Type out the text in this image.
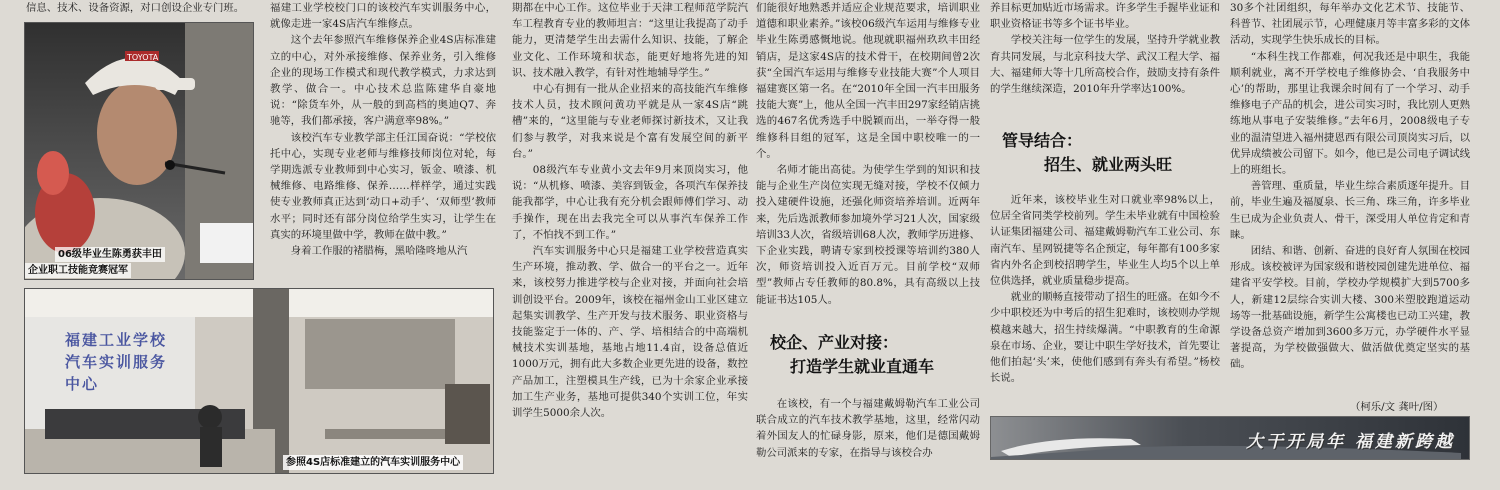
信息、技术、设备资源，对口创设企业专门班。

TOYOTA
06级毕业生陈勇获丰田
企业职工技能竞赛冠军
福建工业学校 汽车实训服务中心
参照4S店标准建立的汽车实训服务中心

福建工业学校校门口的该校汽车实训服务中心，就像走进一家4S店汽车维修点。

这个去年参照汽车维修保养企业4S店标准建立的中心，对外承接维修、保养业务，引入维修企业的现场工作模式和现代教学模式，力求达到教学、做合一。中心技术总监陈建华自豪地说：“除货车外，从一般的到高档的奥迪Q7、奔驰等，我们都承接，客户满意率98%。”

该校汽车专业教学部主任江国奋说：“学校依托中心，实现专业老师与维修技师岗位对轮，每学期选派专业教师到中心实习，钣金、喷漆、机械维修、电路维修、保养……样样学，通过实践使专业教师真正达到‘动口+动手’、‘双师型’教师水平；同时还有部分岗位给学生实习，让学生在真实的环境里做中学，教师在做中教。”

身着工作服的褚腊梅，黑哈隆咚地从汽

期都在中心工作。这位毕业于天津工程师范学院汽车工程教育专业的教师坦言：“这里让我提高了动手能力，更清楚学生出去需什么知识、技能，了解企业文化、工作环境和状态，能更好地将先进的知识、技术融入教学，有针对性地辅导学生。”

中心有拥有一批从企业招来的高技能汽车维修技术人员，技术顾问黄功平就是从一家4S店“跳槽”来的，“这里能与专业老师探讨新技术，又让我们参与教学，对我来说是个富有发展空间的新平台。”

08级汽车专业黄小文去年9月来顶岗实习，他说：“从机修、喷漆、美容到钣金，各项汽车保养技能我都学，中心让我有充分机会跟师傅们学习、动手操作，现在出去我完全可以从事汽车保养工作了，不怕找不到工作。”

汽车实训服务中心只是福建工业学校营造真实生产环境，推动教、学、做合一的平台之一。近年来，该校努力推进学校与企业对接，并面向社会培训创设平台。2009年，该校在福州金山工业区建立起集实训教学、生产开发与技术服务、职业资格与技能鉴定于一体的、产、学、培相结合的中高端机械技术实训基地，基地占地11.4亩，设备总值近1000万元，拥有此大多数企业更先进的设备，数控产品加工，注塑模具生产线，已为十余家企业承接加工生产业务，基地可提供340个实训工位，年实训学生5000余人次。

们能很好地熟悉并适应企业规范要求，培训职业道德和职业素养。”该校06级汽车运用与维修专业毕业生陈勇感慨地说。他现就职福州玖玖丰田经销店，是这家4S店的技术骨干，在校期间曾2次获“全国汽车运用与维修专业技能大赛”个人项目福建赛区第一名。在“2010年全国一汽丰田服务技能大赛”上，他从全国一汽丰田297家经销店挑选的467名优秀选手中脱颖而出，一举夺得一般维修科目组的冠军，这是全国中职校唯一的一个。

名师才能出高徒。为使学生学到的知识和技能与企业生产岗位实现无缝对接，学校不仅倾力投入建硬件设施，还强化师资培养培训。近两年来，先后选派教师参加境外学习21人次，国家级培训33人次，省级培训68人次，教师学历进修、下企业实践，聘请专家到校授课等培训约380人次，师资培训投入近百万元。目前学校“双师型”教师占专任教师的80.8%，具有高级以上技能证书达105人。

校企、产业对接：
打造学生就业直通车

在该校，有一个与福建戴姆勒汽车工业公司联合成立的汽车技术教学基地，这里，经常闪动着外国友人的忙碌身影，原来，他们是德国戴姆勒公司派来的专家，在指导与该校合办

养目标更加贴近市场需求。许多学生手握毕业证和职业资格证书等多个证书毕业。

学校关注每一位学生的发展，坚持升学就业教育共同发展，与北京科技大学、武汉工程大学、福大、福建师大等十几所高校合作，鼓励支持有条件的学生继续深造，2010年升学率达100%。

管导结合：
招生、就业两头旺

近年来，该校毕业生对口就业率98%以上，位居全省同类学校前列。学生未毕业就有中国检验认证集团福建公司、福建戴姆勒汽车工业公司、东南汽车、星网锐捷等名企预定，每年都有100多家省内外名企到校招聘学生，毕业生人均5个以上单位供选择，就业质量稳步提高。

就业的顺畅直接带动了招生的旺盛。在如今不少中职校还为中考后的招生犯难时，该校则办学规模越来越大，招生持续爆满。“中职教育的生命源泉在市场、企业，要让中职生学好技术，首先要让他们拍起‘头’来，使他们感到有奔头有希望。”杨校长说。

30多个社团组织，每年举办文化艺术节、技能节、科普节、社团展示节，心理健康月等丰富多彩的文体活动，实现学生快乐成长的目标。

“本科生找工作都难，何况我还是中职生，我能顺利就业，离不开学校电子维修协会、‘自我服务中心’的帮助，那里让我课余时间有了一个学习、动手维修电子产品的机会，进公司实习时，我比别人更熟练地从事电子安装维修。”去年6月，2008级电子专业的温清望进入福州捷恩西有限公司顶岗实习后，以优异成绩被公司留下。如今，他已是公司电子调试线上的班组长。

善管理、重质量，毕业生综合素质逐年提升。目前，毕业生遍及福厦泉、长三角、珠三角，许多毕业生已成为企业负责人、骨干，深受用人单位肯定和青睐。

团结、和谐、创新、奋进的良好育人氛围在校园形成。该校被评为国家级和谐校园创建先进单位、福建省平安学校。目前，学校办学规模扩大到5700多人，新建12层综合实训大楼、300米塑胶跑道运动场等一批基础设施，新学生公寓楼也已动工兴建，教学设备总资产增加到3600多万元，办学硬件水平显著提高，为学校做强做大、做活做优奠定坚实的基础。

（柯乐/文 龚叶/图）
大干开局年 福建新跨越
